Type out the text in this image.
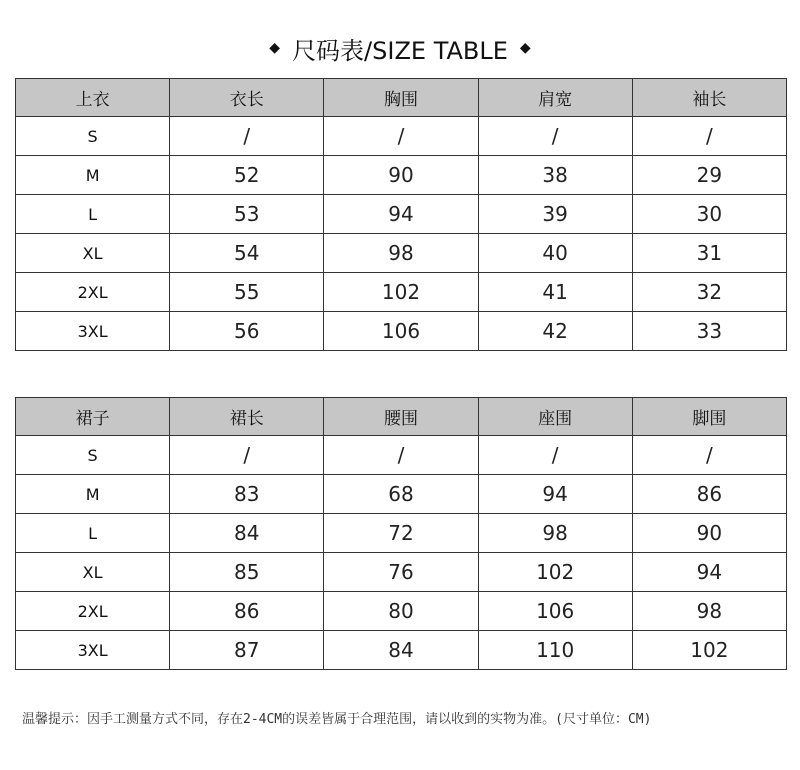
◆ 尺码表/SIZE TABLE ◆
上衣	衣长	胸围	肩宽	袖长
S	/	/	/	/
M	52	90	38	29
L	53	94	39	30
XL	54	98	40	31
2XL	55	102	41	32
3XL	56	106	42	33
裙子	裙长	腰围	座围	脚围
S	/	/	/	/
M	83	68	94	86
L	84	72	98	90
XL	85	76	102	94
2XL	86	80	106	98
3XL	87	84	110	102
温馨提示：因手工测量方式不同，存在2-4CM的误差皆属于合理范围，请以收到的实物为准。(尺寸单位：CM)
